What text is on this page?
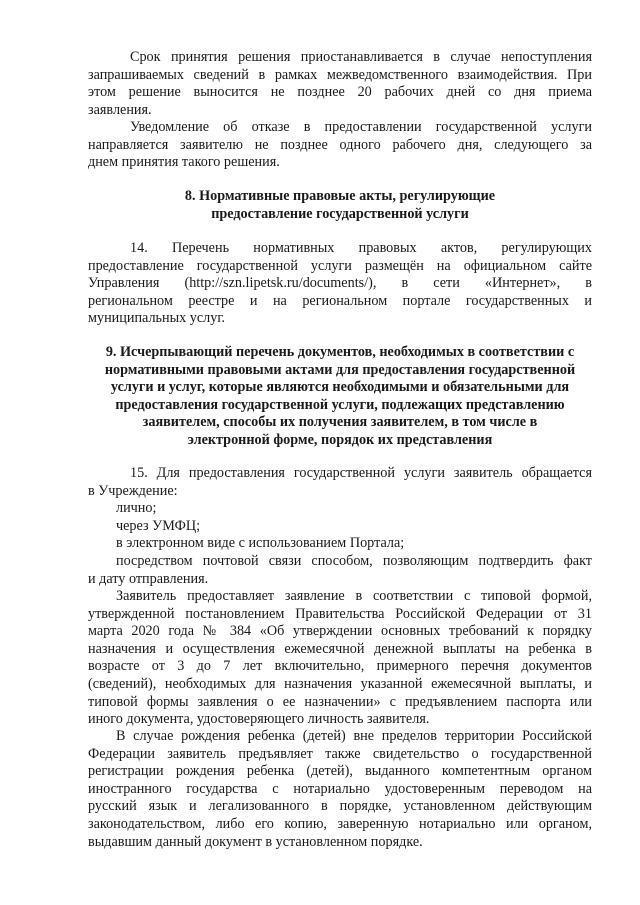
Срок принятия решения приостанавливается в случае непоступления
запрашиваемых сведений в рамках межведомственного взаимодействия. При
этом решение выносится не позднее 20 рабочих дней со дня приема
заявления.
Уведомление об отказе в предоставлении государственной услуги
направляется заявителю не позднее одного рабочего дня, следующего за
днем принятия такого решения.
8. Нормативные правовые акты, регулирующие
предоставление государственной услуги
14. Перечень нормативных правовых актов, регулирующих
предоставление государственной услуги размещён на официальном сайте
Управления (http://szn.lipetsk.ru/documents/), в сети «Интернет», в
региональном реестре и на региональном портале государственных и
муниципальных услуг.
9. Исчерпывающий перечень документов, необходимых в соответствии с
нормативными правовыми актами для предоставления государственной
услуги и услуг, которые являются необходимыми и обязательными для
предоставления государственной услуги, подлежащих представлению
заявителем, способы их получения заявителем, в том числе в
электронной форме, порядок их представления
15. Для предоставления государственной услуги заявитель обращается
в Учреждение:
лично;
через УМФЦ;
в электронном виде с использованием Портала;
посредством почтовой связи способом, позволяющим подтвердить факт
и дату отправления.
Заявитель предоставляет заявление в соответствии с типовой формой,
утвержденной постановлением Правительства Российской Федерации от 31
марта 2020 года № 384 «Об утверждении основных требований к порядку
назначения и осуществления ежемесячной денежной выплаты на ребенка в
возрасте от 3 до 7 лет включительно, примерного перечня документов
(сведений), необходимых для назначения указанной ежемесячной выплаты, и
типовой формы заявления о ее назначении» с предъявлением паспорта или
иного документа, удостоверяющего личность заявителя.
В случае рождения ребенка (детей) вне пределов территории Российской
Федерации заявитель предъявляет также свидетельство о государственной
регистрации рождения ребенка (детей), выданного компетентным органом
иностранного государства с нотариально удостоверенным переводом на
русский язык и легализованного в порядке, установленном действующим
законодательством, либо его копию, заверенную нотариально или органом,
выдавшим данный документ в установленном порядке.
